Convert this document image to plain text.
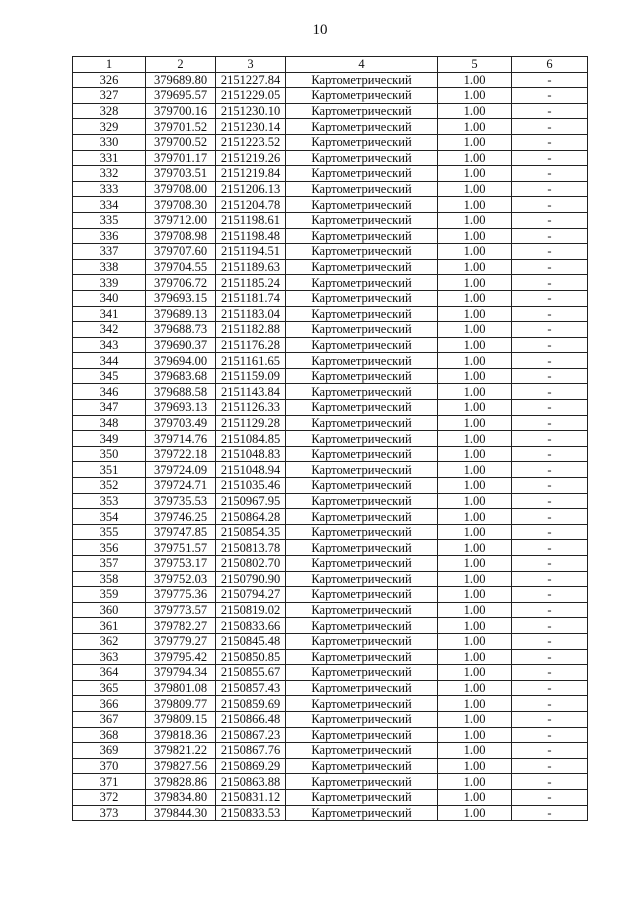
10
1	2	3	4	5	6
326	379689.80	2151227.84	Картометрический	1.00	-
327	379695.57	2151229.05	Картометрический	1.00	-
328	379700.16	2151230.10	Картометрический	1.00	-
329	379701.52	2151230.14	Картометрический	1.00	-
330	379700.52	2151223.52	Картометрический	1.00	-
331	379701.17	2151219.26	Картометрический	1.00	-
332	379703.51	2151219.84	Картометрический	1.00	-
333	379708.00	2151206.13	Картометрический	1.00	-
334	379708.30	2151204.78	Картометрический	1.00	-
335	379712.00	2151198.61	Картометрический	1.00	-
336	379708.98	2151198.48	Картометрический	1.00	-
337	379707.60	2151194.51	Картометрический	1.00	-
338	379704.55	2151189.63	Картометрический	1.00	-
339	379706.72	2151185.24	Картометрический	1.00	-
340	379693.15	2151181.74	Картометрический	1.00	-
341	379689.13	2151183.04	Картометрический	1.00	-
342	379688.73	2151182.88	Картометрический	1.00	-
343	379690.37	2151176.28	Картометрический	1.00	-
344	379694.00	2151161.65	Картометрический	1.00	-
345	379683.68	2151159.09	Картометрический	1.00	-
346	379688.58	2151143.84	Картометрический	1.00	-
347	379693.13	2151126.33	Картометрический	1.00	-
348	379703.49	2151129.28	Картометрический	1.00	-
349	379714.76	2151084.85	Картометрический	1.00	-
350	379722.18	2151048.83	Картометрический	1.00	-
351	379724.09	2151048.94	Картометрический	1.00	-
352	379724.71	2151035.46	Картометрический	1.00	-
353	379735.53	2150967.95	Картометрический	1.00	-
354	379746.25	2150864.28	Картометрический	1.00	-
355	379747.85	2150854.35	Картометрический	1.00	-
356	379751.57	2150813.78	Картометрический	1.00	-
357	379753.17	2150802.70	Картометрический	1.00	-
358	379752.03	2150790.90	Картометрический	1.00	-
359	379775.36	2150794.27	Картометрический	1.00	-
360	379773.57	2150819.02	Картометрический	1.00	-
361	379782.27	2150833.66	Картометрический	1.00	-
362	379779.27	2150845.48	Картометрический	1.00	-
363	379795.42	2150850.85	Картометрический	1.00	-
364	379794.34	2150855.67	Картометрический	1.00	-
365	379801.08	2150857.43	Картометрический	1.00	-
366	379809.77	2150859.69	Картометрический	1.00	-
367	379809.15	2150866.48	Картометрический	1.00	-
368	379818.36	2150867.23	Картометрический	1.00	-
369	379821.22	2150867.76	Картометрический	1.00	-
370	379827.56	2150869.29	Картометрический	1.00	-
371	379828.86	2150863.88	Картометрический	1.00	-
372	379834.80	2150831.12	Картометрический	1.00	-
373	379844.30	2150833.53	Картометрический	1.00	-
